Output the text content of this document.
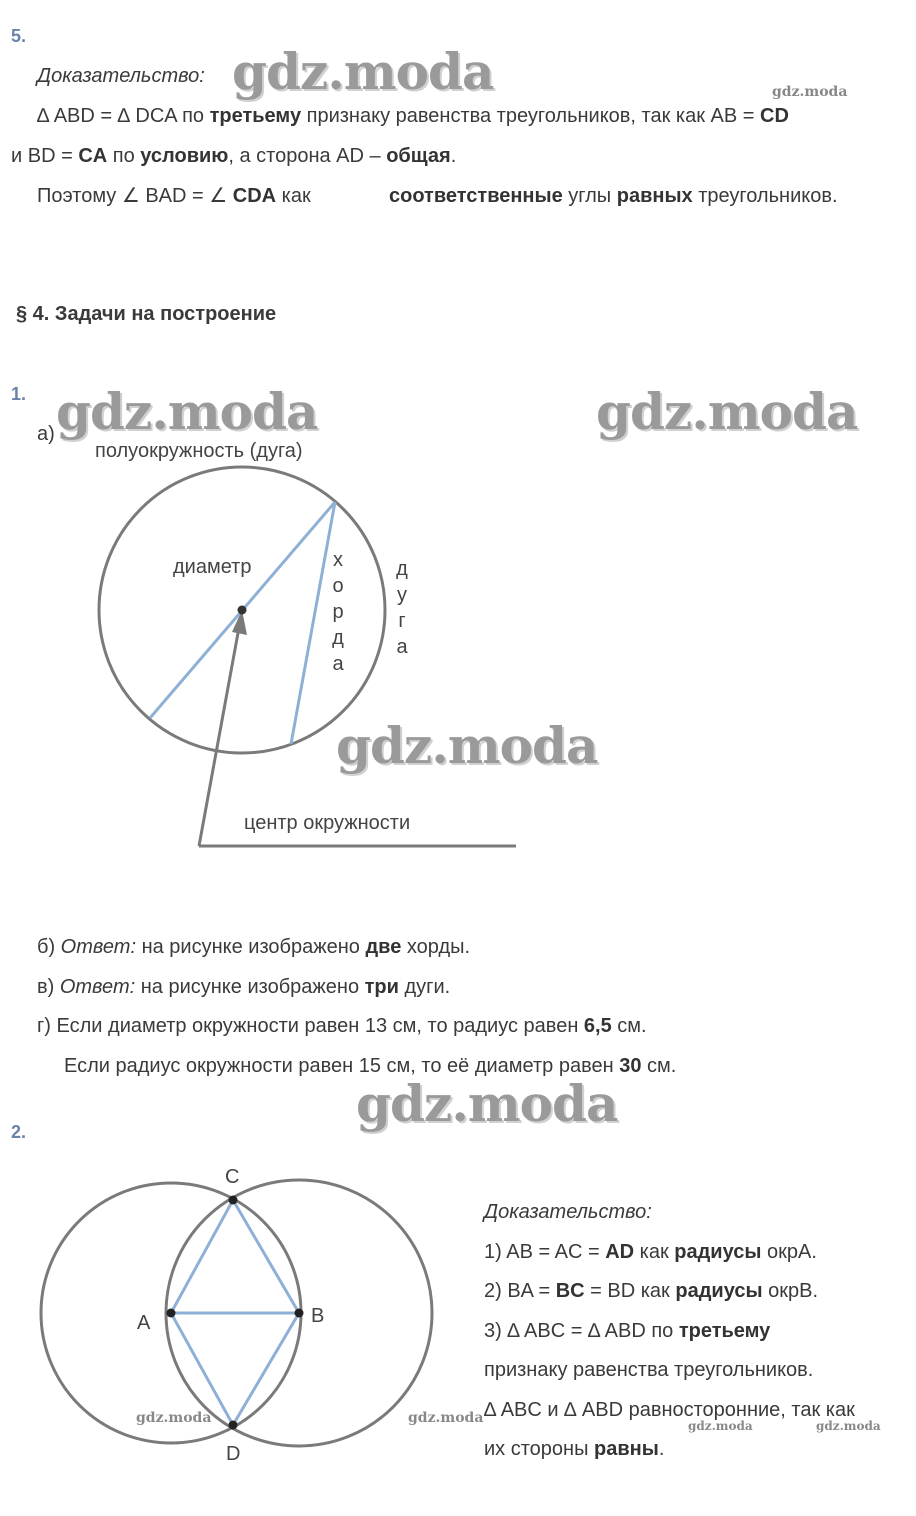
5.
Доказательство: gdz.moda	gdz.moda
∆ ABD = ∆ DCA по третьему признаку равенства треугольников, так как AB = CD
и BD = CA по условию, а сторона AD – общая.
Поэтому ∠ BAD = ∠ CDA как	соответственные углы равных треугольников.
§ 4. Задачи на построение
1.
а) gdz.moda	gdz.moda
полуокружность (дуга)
диаметр	х
о
р
д
а
д
у
г
а
gdz.moda
центр окружности
б) Ответ: на рисунке изображено две хорды.
в) Ответ: на рисунке изображено три дуги.
г) Если диаметр окружности равен 13 см, то радиус равен 6,5 см.
Если радиус окружности равен 15 см, то её диаметр равен 30 см.
gdz.moda
2.
C
A	B
D
gdz.moda	gdz.moda
Доказательство:
1) AB = AC = AD как радиусы окрA.
2) BA = BC = BD как радиусы окрB.
3) ∆ ABC = ∆ ABD по третьему
признаку равенства треугольников.
∆ ABC и ∆ ABD равносторонние, так как
gdz.moda	gdz.moda
их стороны равны.
